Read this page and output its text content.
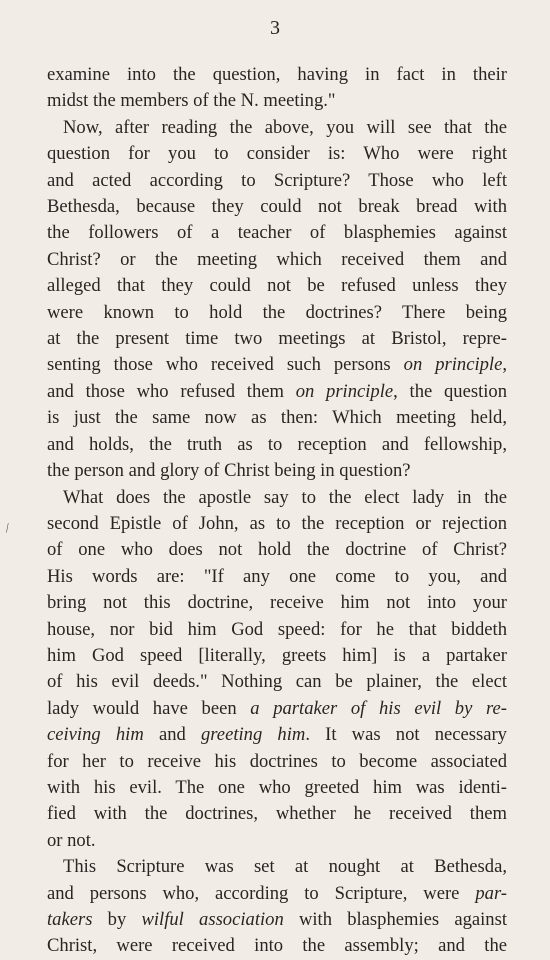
3
⁄
examine into the question, having in fact in their
midst the members of the N. meeting."
Now, after reading the above, you will see that the
question for you to consider is: Who were right
and acted according to Scripture? Those who left
Bethesda, because they could not break bread with
the followers of a teacher of blasphemies against
Christ? or the meeting which received them and
alleged that they could not be refused unless they
were known to hold the doctrines? There being
at the present time two meetings at Bristol, repre-
senting those who received such persons on principle,
and those who refused them on principle, the question
is just the same now as then: Which meeting held,
and holds, the truth as to reception and fellowship,
the person and glory of Christ being in question?
What does the apostle say to the elect lady in the
second Epistle of John, as to the reception or rejection
of one who does not hold the doctrine of Christ?
His words are: "If any one come to you, and
bring not this doctrine, receive him not into your
house, nor bid him God speed: for he that biddeth
him God speed [literally, greets him] is a partaker
of his evil deeds." Nothing can be plainer, the elect
lady would have been a partaker of his evil by re-
ceiving him and greeting him. It was not necessary
for her to receive his doctrines to become associated
with his evil. The one who greeted him was identi-
fied with the doctrines, whether he received them
or not.
This Scripture was set at nought at Bethesda,
and persons who, according to Scripture, were par-
takers by wilful association with blasphemies against
Christ, were received into the assembly; and the
